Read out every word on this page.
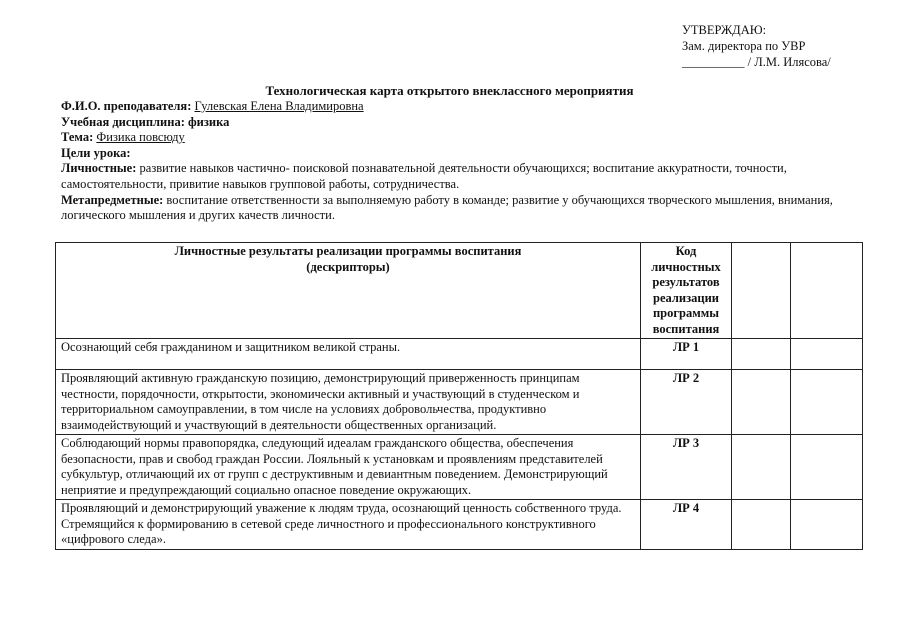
УТВЕРЖДАЮ:
Зам. директора по УВР
__________ / Л.М. Илясова/
Технологическая карта открытого внеклассного мероприятия

Ф.И.О. преподавателя: Гулевская Елена Владимировна

Учебная дисциплина: физика

Тема: Физика повсюду

Цели урока:

Личностные: развитие навыков частично- поисковой познавательной деятельности обучающихся; воспитание аккуратности, точности, самостоятельности, привитие навыков групповой работы, сотрудничества.

Метапредметные: воспитание ответственности за выполняемую работу в команде; развитие у обучающихся творческого мышления, внимания, логического мышления и других качеств личности.

Личностные результаты реализации программы воспитания (дескрипторы)	Код личностных результатов реализации программы воспитания		
Осознающий себя гражданином и защитником великой страны.	ЛР 1		
Проявляющий активную гражданскую позицию, демонстрирующий приверженность принципам честности, порядочности, открытости, экономически активный и участвующий в студенческом и территориальном самоуправлении, в том числе на условиях добровольчества, продуктивно взаимодействующий и участвующий в деятельности общественных организаций.	ЛР 2		
Соблюдающий нормы правопорядка, следующий идеалам гражданского общества, обеспечения безопасности, прав и свобод граждан России. Лояльный к установкам и проявлениям представителей субкультур, отличающий их от групп с деструктивным и девиантным поведением. Демонстрирующий неприятие и предупреждающий социально опасное поведение окружающих.	ЛР 3		
Проявляющий и демонстрирующий уважение к людям труда, осознающий ценность собственного труда. Стремящийся к формированию в сетевой среде личностного и профессионального конструктивного «цифрового следа».	ЛР 4		
